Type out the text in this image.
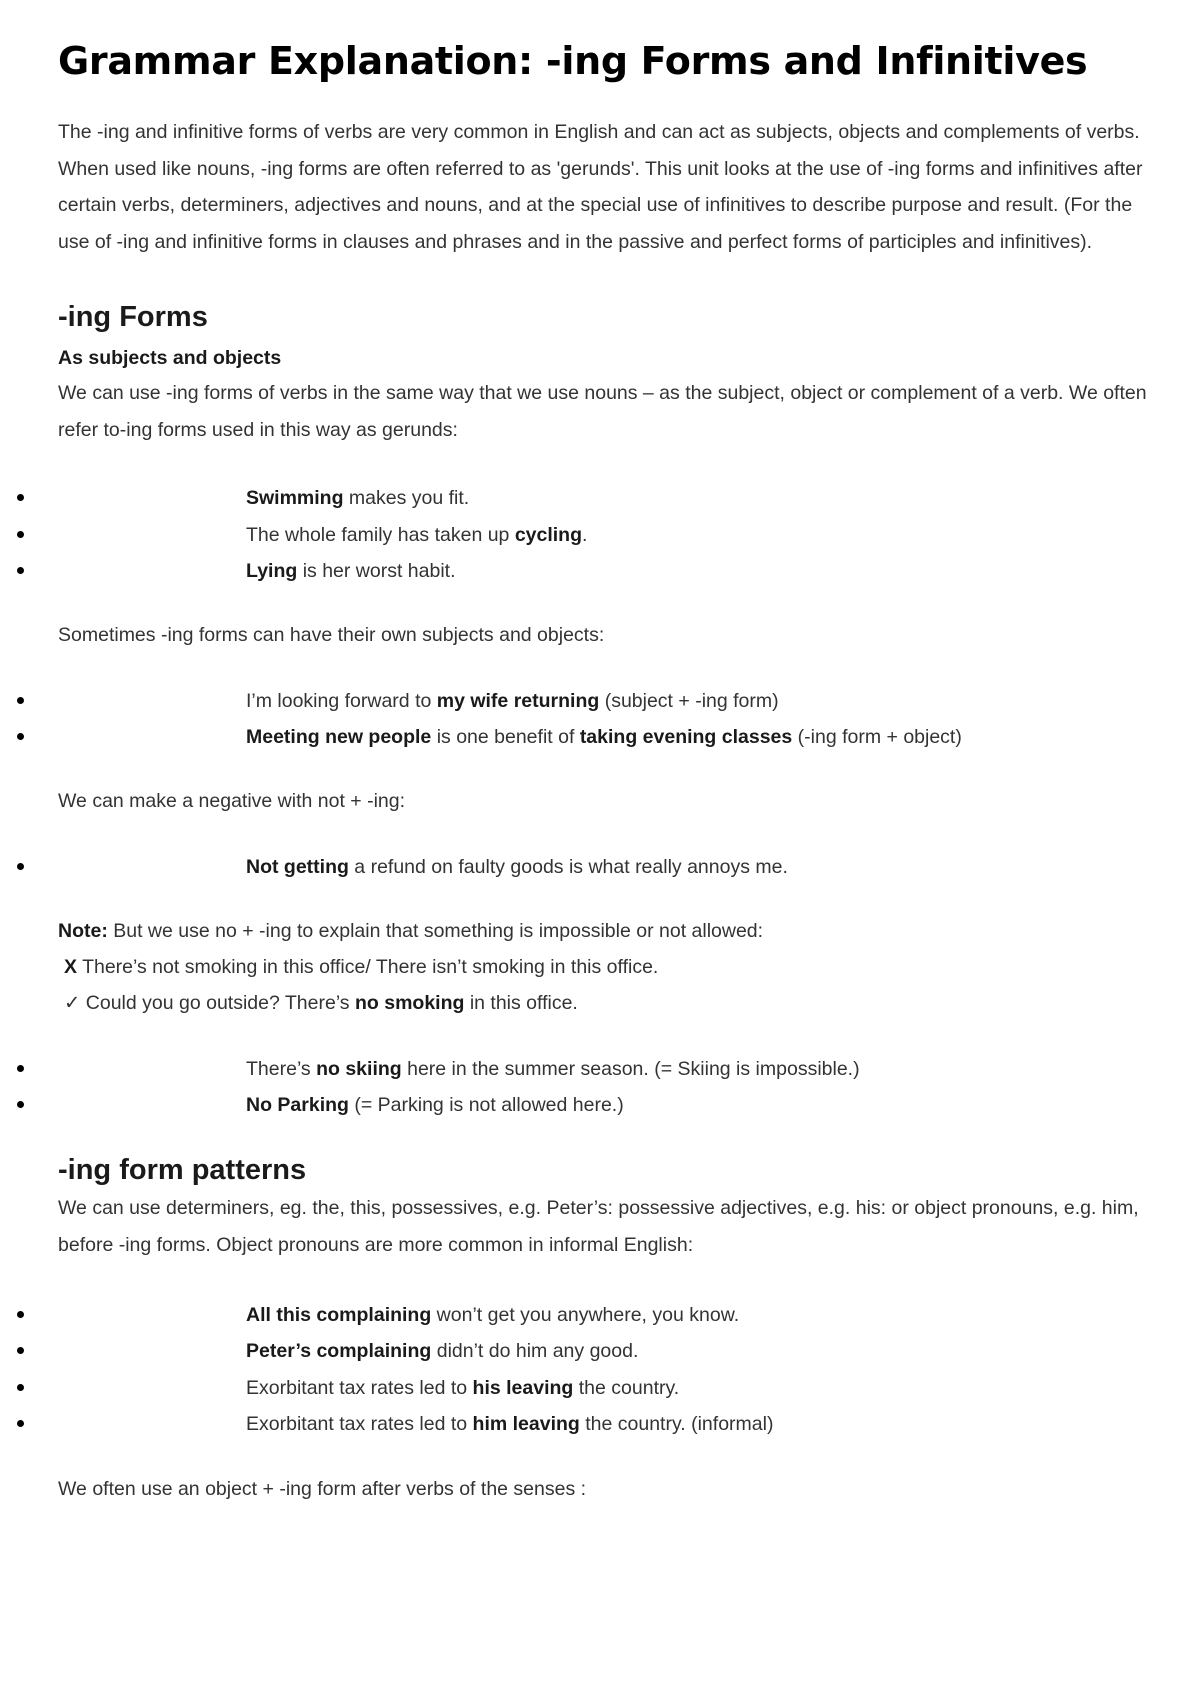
Grammar Explanation: -ing Forms and Infinitives

The -ing and infinitive forms of verbs are very common in English and can act as subjects, objects and complements of verbs. When used like nouns, -ing forms are often referred to as 'gerunds'. This unit looks at the use of -ing forms and infinitives after certain verbs, determiners, adjectives and nouns, and at the special use of infinitives to describe purpose and result. (For the use of -ing and infinitive forms in clauses and phrases and in the passive and perfect forms of participles and infinitives).

-ing Forms
As subjects and objects

We can use -ing forms of verbs in the same way that we use nouns – as the subject, object or complement of a verb. We often refer to-ing forms used in this way as gerunds:

Swimming makes you fit.
The whole family has taken up cycling.
Lying is her worst habit.

Sometimes -ing forms can have their own subjects and objects:

I’m looking forward to my wife returning (subject + -ing form)
Meeting new people is one benefit of taking evening classes (-ing form + object)

We can make a negative with not + -ing:

Not getting a refund on faulty goods is what really annoys me.

Note: But we use no + -ing to explain that something is impossible or not allowed:

X There’s not smoking in this office/ There isn’t smoking in this office.

✓ Could you go outside? There’s no smoking in this office.

There’s no skiing here in the summer season. (= Skiing is impossible.)
No Parking (= Parking is not allowed here.)
-ing form patterns

We can use determiners, eg. the, this, possessives, e.g. Peter’s: possessive adjectives, e.g. his: or object pronouns, e.g. him, before -ing forms. Object pronouns are more common in informal English:

All this complaining won’t get you anywhere, you know.
Peter’s complaining didn’t do him any good.
Exorbitant tax rates led to his leaving the country.
Exorbitant tax rates led to him leaving the country. (informal)

We often use an object + -ing form after verbs of the senses :
